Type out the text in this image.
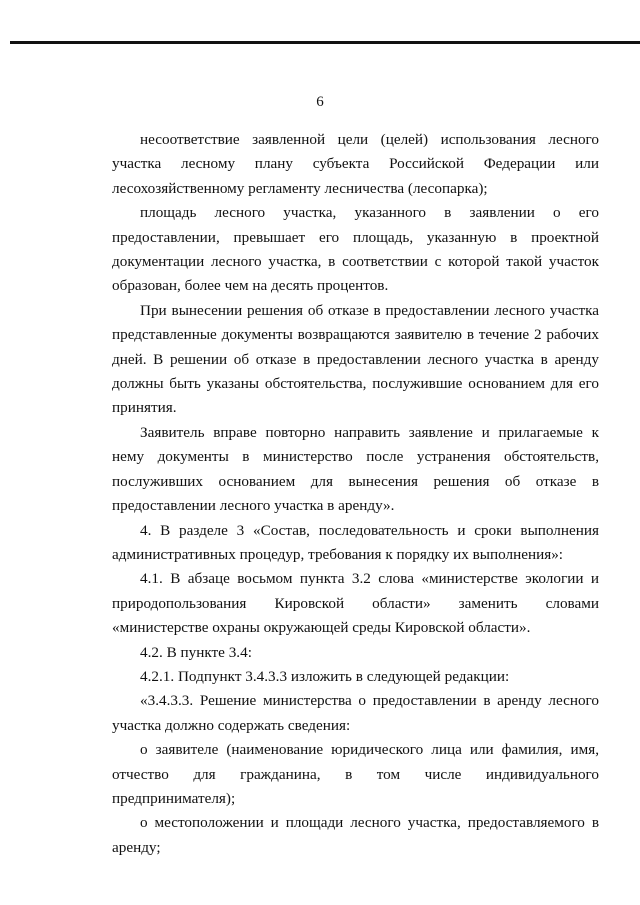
6

несоответствие заявленной цели (целей) использования лесного участка лесному плану субъекта Российской Федерации или лесохозяйственному регламенту лесничества (лесопарка);

площадь лесного участка, указанного в заявлении о его предоставлении, превышает его площадь, указанную в проектной документации лесного участка, в соответствии с которой такой участок образован, более чем на десять процентов.

При вынесении решения об отказе в предоставлении лесного участка представленные документы возвращаются заявителю в течение 2 рабочих дней. В решении об отказе в предоставлении лесного участка в аренду должны быть указаны обстоятельства, послужившие основанием для его принятия.

Заявитель вправе повторно направить заявление и прилагаемые к нему документы в министерство после устранения обстоятельств, послуживших основанием для вынесения решения об отказе в предоставлении лесного участка в аренду».

4. В разделе 3 «Состав, последовательность и сроки выполнения административных процедур, требования к порядку их выполнения»:

4.1. В абзаце восьмом пункта 3.2 слова «министерстве экологии и природопользования Кировской области» заменить словами «министерстве охраны окружающей среды Кировской области».

4.2. В пункте 3.4:

4.2.1. Подпункт 3.4.3.3 изложить в следующей редакции:

«3.4.3.3. Решение министерства о предоставлении в аренду лесного участка должно содержать сведения:

о заявителе (наименование юридического лица или фамилия, имя, отчество для гражданина, в том числе индивидуального предпринимателя);

о местоположении и площади лесного участка, предоставляемого в аренду;
